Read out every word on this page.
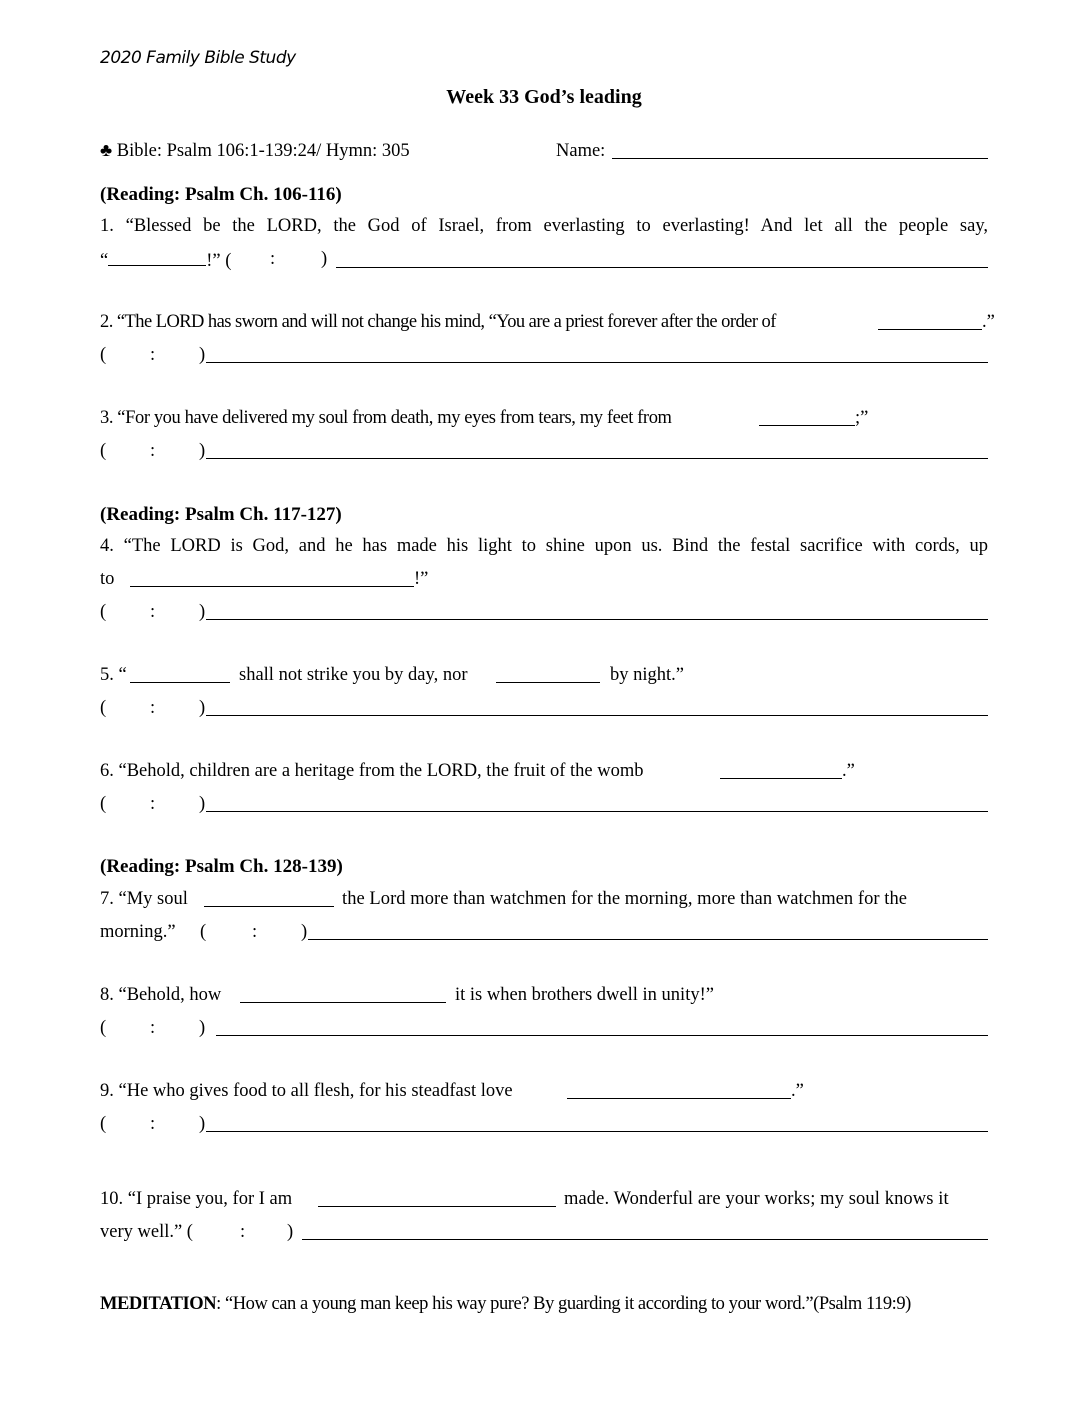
2020 Family Bible Study
Week 33 God’s leading
♣ Bible: Psalm 106:1-139:24/ Hymn: 305	Name:
(Reading: Psalm Ch. 106-116)
1. “Blessed be the LORD, the God of Israel, from everlasting to everlasting! And let all the people say,
“	!” ( : )
2. “The LORD has sworn and will not change his mind, “You are a priest forever after the order of	.”
( : )
3. “For you have delivered my soul from death, my eyes from tears, my feet from	;”
( : )
(Reading: Psalm Ch. 117-127)
4. “The LORD is God, and he has made his light to shine upon us. Bind the festal sacrifice with cords, up
to	!”
( : )
5. “	shall not strike you by day, nor	by night.”
( : )
6. “Behold, children are a heritage from the LORD, the fruit of the womb	.”
( : )
(Reading: Psalm Ch. 128-139)
7. “My soul	the Lord more than watchmen for the morning, more than watchmen for the
morning.” ( : )
8. “Behold, how	it is when brothers dwell in unity!”
( : )
9. “He who gives food to all flesh, for his steadfast love	.”
( : )
10. “I praise you, for I am	made. Wonderful are your works; my soul knows it
very well.” (	: )
MEDITATION: “How can a young man keep his way pure? By guarding it according to your word.”(Psalm 119:9)
